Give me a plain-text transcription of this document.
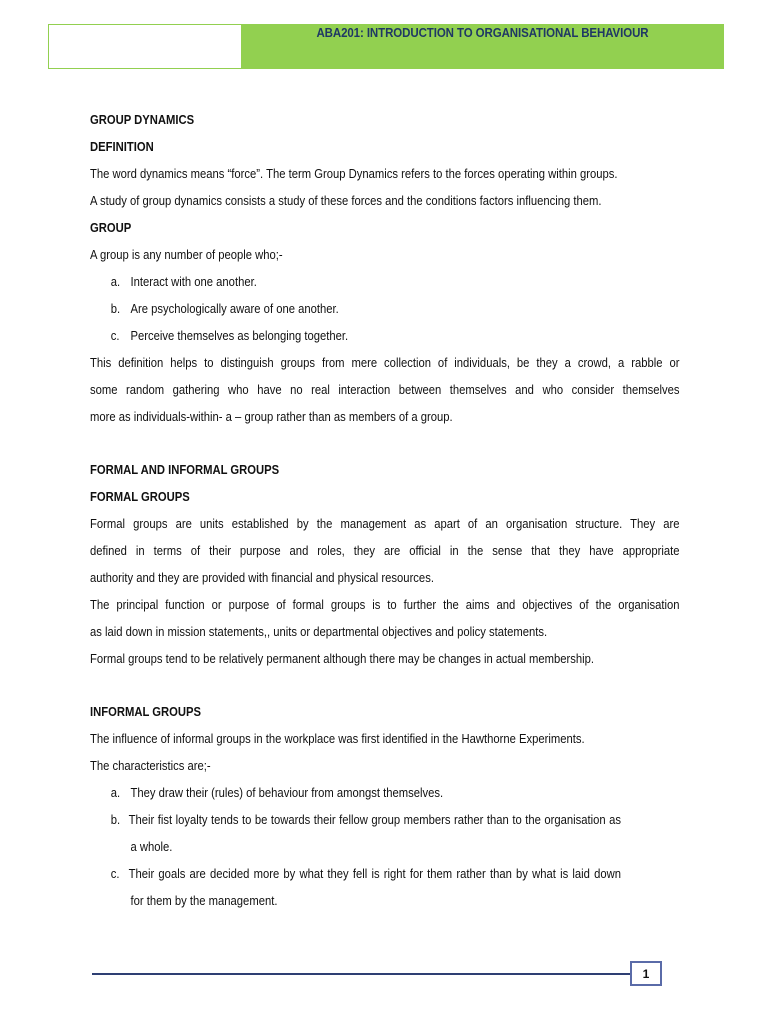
ABA201: INTRODUCTION TO ORGANISATIONAL BEHAVIOUR
GROUP DYNAMICS
DEFINITION
The word dynamics means “force”. The term Group Dynamics refers to the forces operating within groups.
A study of group dynamics consists a study of these forces and the conditions factors influencing them.
GROUP
A group is any number of people who;-
a. Interact with one another.
b. Are psychologically aware of one another.
c. Perceive themselves as belonging together.
This definition helps to distinguish groups from mere collection of individuals, be they a crowd, a rabble or
some random gathering who have no real interaction between themselves and who consider themselves
more as individuals-within- a – group rather than as members of a group.
FORMAL AND INFORMAL GROUPS
FORMAL GROUPS
Formal groups are units established by the management as apart of an organisation structure. They are
defined in terms of their purpose and roles, they are official in the sense that they have appropriate
authority and they are provided with financial and physical resources.
The principal function or purpose of formal groups is to further the aims and objectives of the organisation
as laid down in mission statements,, units or departmental objectives and policy statements.
Formal groups tend to be relatively permanent although there may be changes in actual membership.
INFORMAL GROUPS
The influence of informal groups in the workplace was first identified in the Hawthorne Experiments.
The characteristics are;-
a. They draw their (rules) of behaviour from amongst themselves.
b. Their fist loyalty tends to be towards their fellow group members rather than to the organisation as
a whole.
c. Their goals are decided more by what they fell is right for them rather than by what is laid down
for them by the management.
1
